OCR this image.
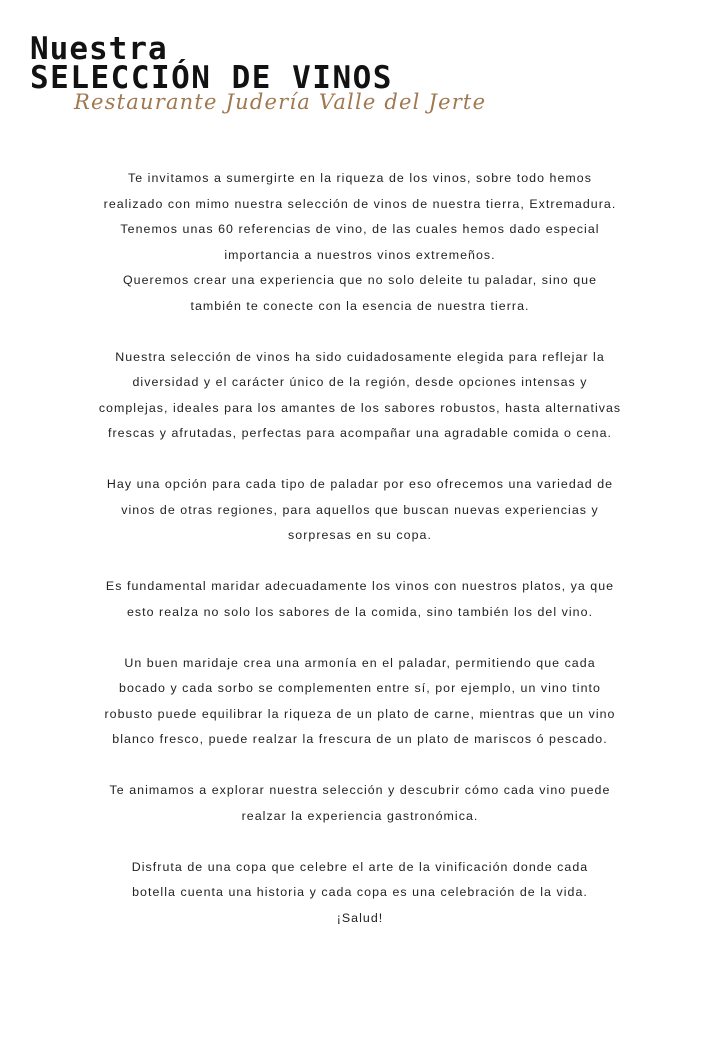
Nuestra
SELECCIÓN DE VINOS
Restaurante Judería Valle del Jerte
Te invitamos a sumergirte en la riqueza de los vinos, sobre todo hemos
realizado con mimo nuestra selección de vinos de nuestra tierra, Extremadura.
Tenemos unas 60 referencias de vino, de las cuales hemos dado especial
importancia a nuestros vinos extremeños.
Queremos crear una experiencia que no solo deleite tu paladar, sino que
también te conecte con la esencia de nuestra tierra.
Nuestra selección de vinos ha sido cuidadosamente elegida para reflejar la
diversidad y el carácter único de la región, desde opciones intensas y
complejas, ideales para los amantes de los sabores robustos, hasta alternativas
frescas y afrutadas, perfectas para acompañar una agradable comida o cena.
Hay una opción para cada tipo de paladar por eso ofrecemos una variedad de
vinos de otras regiones, para aquellos que buscan nuevas experiencias y
sorpresas en su copa.
Es fundamental maridar adecuadamente los vinos con nuestros platos, ya que
esto realza no solo los sabores de la comida, sino también los del vino.
Un buen maridaje crea una armonía en el paladar, permitiendo que cada
bocado y cada sorbo se complementen entre sí, por ejemplo, un vino tinto
robusto puede equilibrar la riqueza de un plato de carne, mientras que un vino
blanco fresco, puede realzar la frescura de un plato de mariscos ó pescado.
Te animamos a explorar nuestra selección y descubrir cómo cada vino puede
realzar la experiencia gastronómica.
Disfruta de una copa que celebre el arte de la vinificación donde cada
botella cuenta una historia y cada copa es una celebración de la vida.
¡Salud!
